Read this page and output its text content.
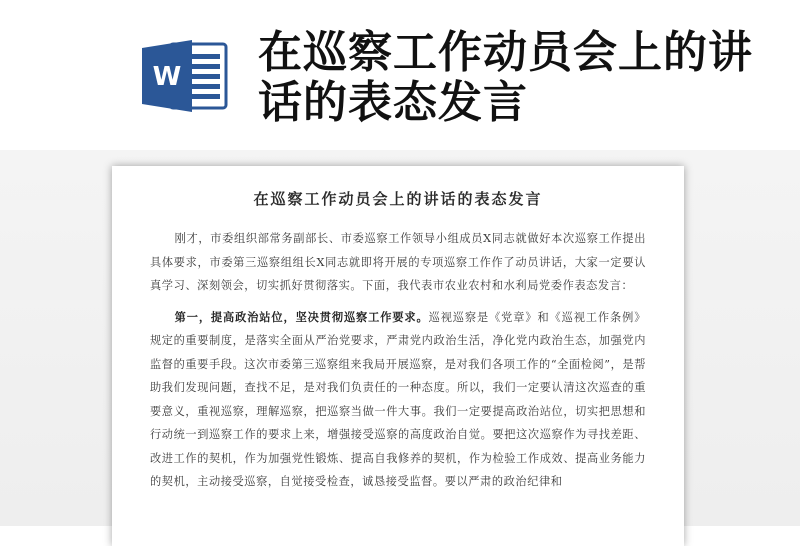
W 在巡察工作动员会上的讲话的表态发言
在巡察工作动员会上的讲话的表态发言

刚才，市委组织部常务副部长、市委巡察工作领导小组成员X同志就做好本次巡察工作提出具体要求，市委第三巡察组组长X同志就即将开展的专项巡察工作作了动员讲话，大家一定要认真学习、深刻领会，切实抓好贯彻落实。下面，我代表市农业农村和水利局党委作表态发言：

第一，提高政治站位，坚决贯彻巡察工作要求。巡视巡察是《党章》和《巡视工作条例》规定的重要制度，是落实全面从严治党要求，严肃党内政治生活，净化党内政治生态，加强党内监督的重要手段。这次市委第三巡察组来我局开展巡察，是对我们各项工作的“全面检阅”，是帮助我们发现问题，查找不足，是对我们负责任的一种态度。所以，我们一定要认清这次巡查的重要意义，重视巡察，理解巡察，把巡察当做一件大事。我们一定要提高政治站位，切实把思想和行动统一到巡察工作的要求上来，增强接受巡察的高度政治自觉。要把这次巡察作为寻找差距、改进工作的契机，作为加强党性锻炼、提高自我修养的契机，作为检验工作成效、提高业务能力的契机，主动接受巡察，自觉接受检查，诚恳接受监督。要以严肃的政治纪律和
